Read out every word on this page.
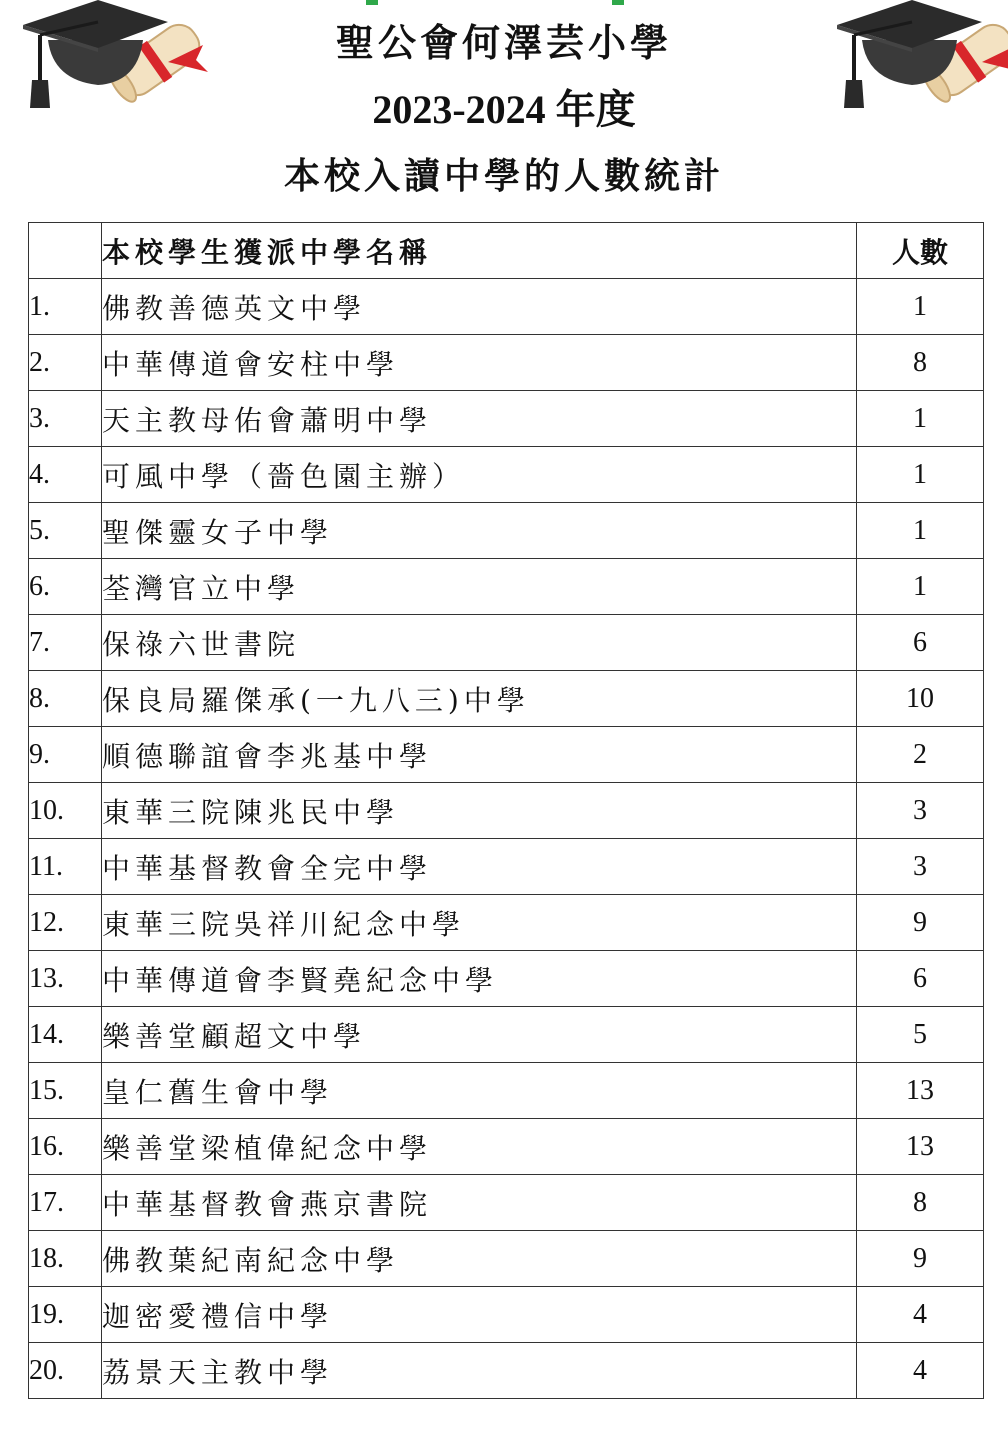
聖公會何澤芸小學
2023-2024 年度
本校入讀中學的人數統計
	本校學生獲派中學名稱	人數
1.	佛教善德英文中學	1
2.	中華傳道會安柱中學	8
3.	天主教母佑會蕭明中學	1
4.	可風中學（嗇色園主辦）	1
5.	聖傑靈女子中學	1
6.	荃灣官立中學	1
7.	保祿六世書院	6
8.	保良局羅傑承(一九八三)中學	10
9.	順德聯誼會李兆基中學	2
10.	東華三院陳兆民中學	3
11.	中華基督教會全完中學	3
12.	東華三院吳祥川紀念中學	9
13.	中華傳道會李賢堯紀念中學	6
14.	樂善堂顧超文中學	5
15.	皇仁舊生會中學	13
16.	樂善堂梁植偉紀念中學	13
17.	中華基督教會燕京書院	8
18.	佛教葉紀南紀念中學	9
19.	迦密愛禮信中學	4
20.	荔景天主教中學	4
